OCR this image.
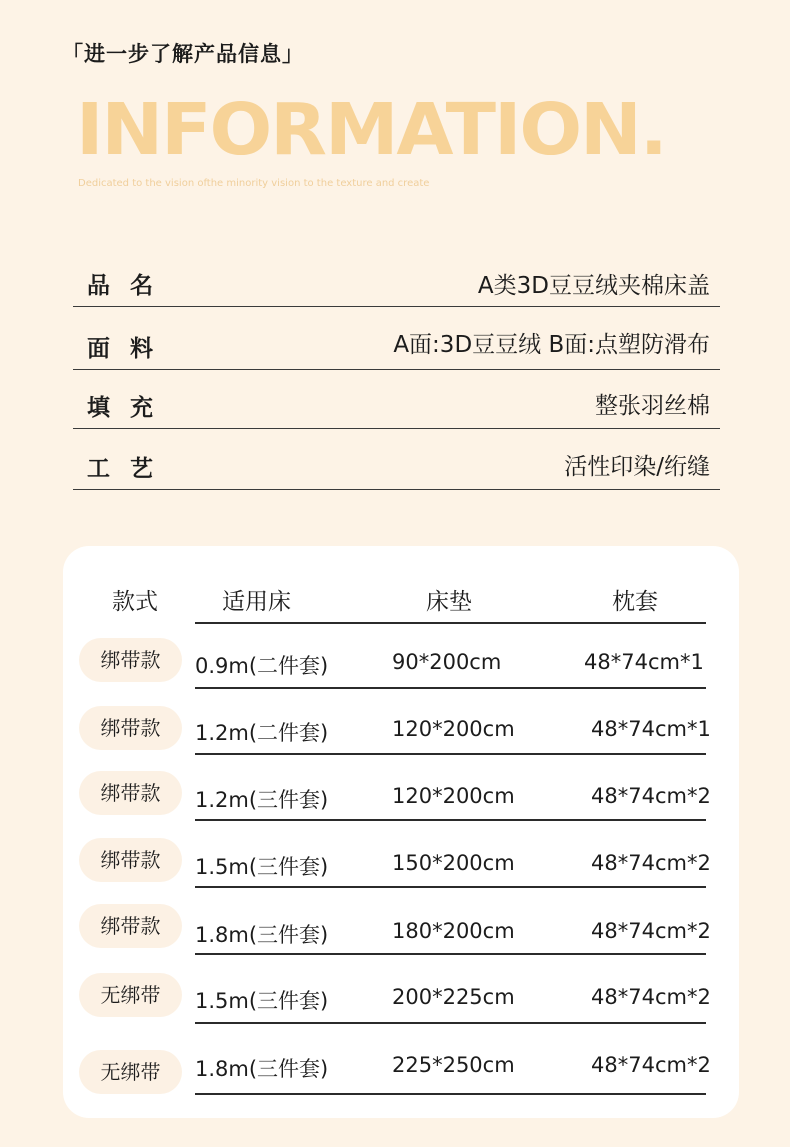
「进一步了解产品信息」
INFORMATION.
Dedicated to the vision ofthe minority vision to the texture and create
品名	A类3D豆豆绒夹棉床盖
面料	A面:3D豆豆绒 B面:点塑防滑布
填充	整张羽丝棉
工艺	活性印染/绗缝
款式	适用床	床垫	枕套
绑带款	0.9m(二件套)	90*200cm	48*74cm*1
绑带款	1.2m(二件套)	120*200cm	48*74cm*1
绑带款	1.2m(三件套)	120*200cm	48*74cm*2
绑带款	1.5m(三件套)	150*200cm	48*74cm*2
绑带款	1.8m(三件套)	180*200cm	48*74cm*2
无绑带	1.5m(三件套)	200*225cm	48*74cm*2
无绑带	1.8m(三件套)	225*250cm	48*74cm*2
